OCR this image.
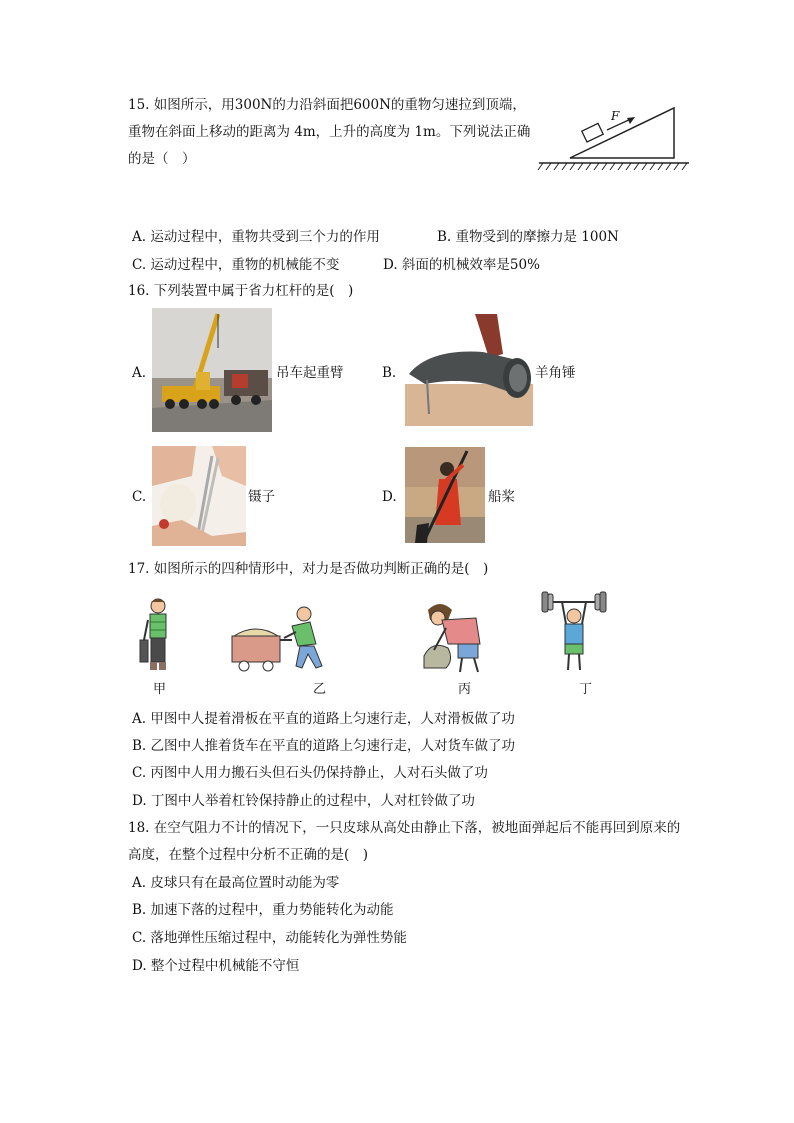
15. 如图所示，用300N的力沿斜面把600N的重物匀速拉到顶端，
重物在斜面上移动的距离为 4m，上升的高度为 1m。下列说法正确
的是（　）
F
A. 运动过程中，重物共受到三个力的作用	B. 重物受到的摩擦力是 100N
C. 运动过程中，重物的机械能不变	D. 斜面的机械效率是50%
16. 下列装置中属于省力杠杆的是(　)
A.	吊车起重臂	B.	羊角锤
C.	镊子	D.	船桨
17. 如图所示的四种情形中，对力是否做功判断正确的是(　)
甲	乙	丙	丁
A. 甲图中人提着滑板在平直的道路上匀速行走，人对滑板做了功
B. 乙图中人推着货车在平直的道路上匀速行走，人对货车做了功
C. 丙图中人用力搬石头但石头仍保持静止，人对石头做了功
D. 丁图中人举着杠铃保持静止的过程中，人对杠铃做了功
18. 在空气阻力不计的情况下，一只皮球从高处由静止下落，被地面弹起后不能再回到原来的
高度，在整个过程中分析不正确的是(　)
A. 皮球只有在最高位置时动能为零
B. 加速下落的过程中，重力势能转化为动能
C. 落地弹性压缩过程中，动能转化为弹性势能
D. 整个过程中机械能不守恒
